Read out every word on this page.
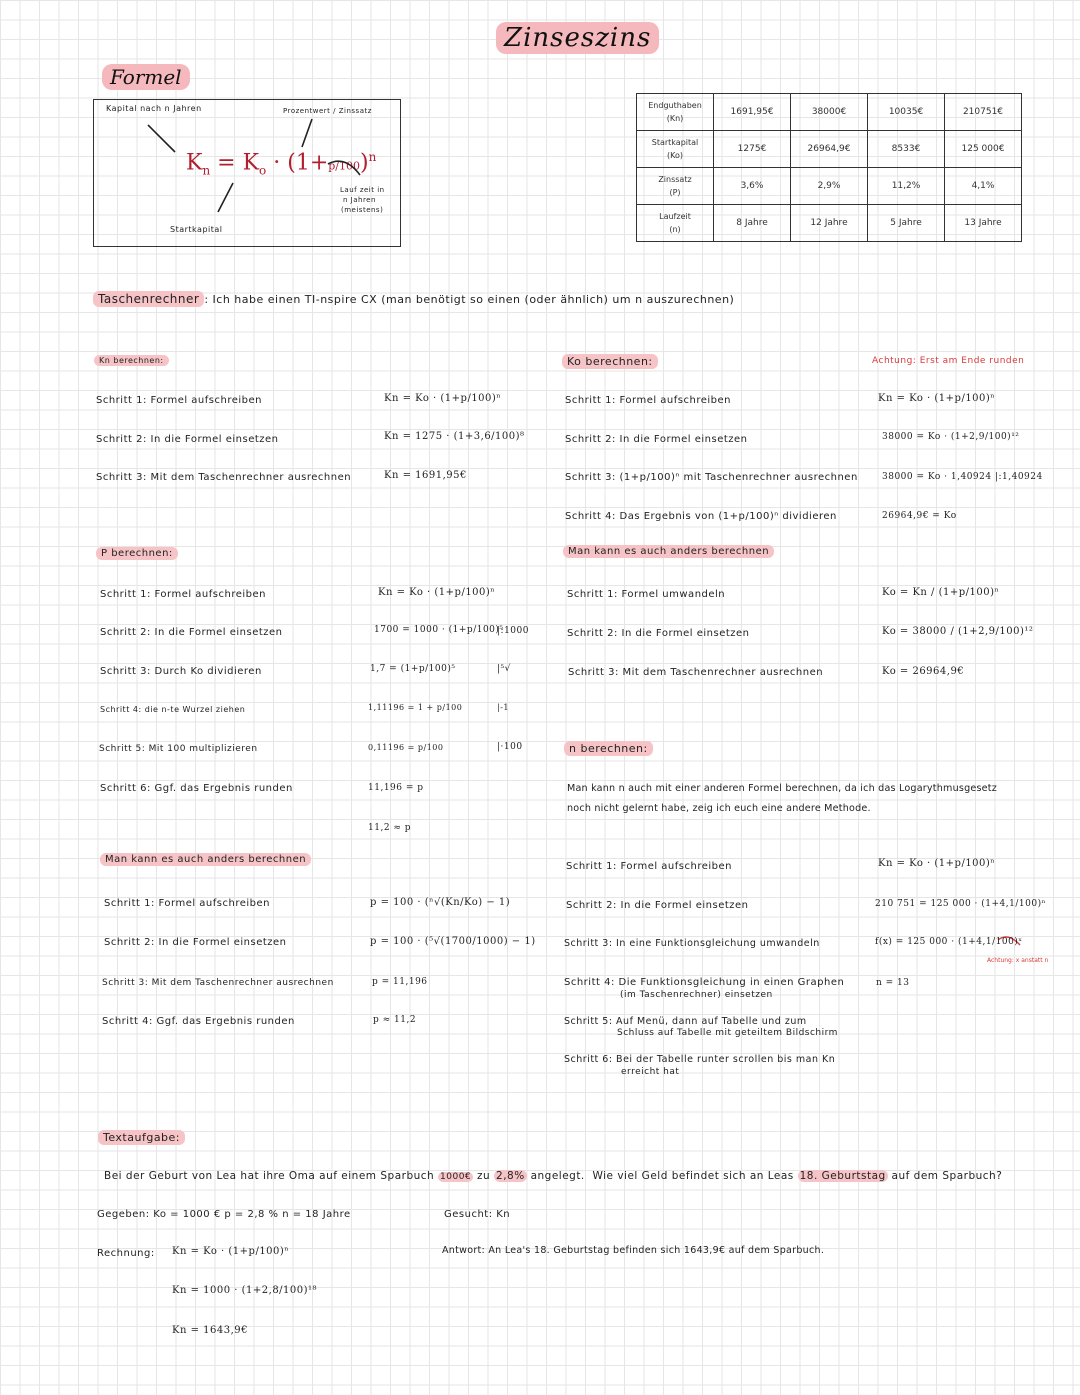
Zinseszins
Formel
Kapital nach n Jahren	Prozentwert / Zinssatz
$K_n = K_o \cdot (1+p/100)^n$
Lauf zeit in
n Jahren
(meistens)
Startkapital
Endguthaben
(Kn)	1691,95€	38000€	10035€	210751€
Startkapital
(Ko)	1275€	26964,9€	8533€	125 000€
Zinssatz
(P)	3,6%	2,9%	11,2%	4,1%
Laufzeit
(n)	8 Jahre	12 Jahre	5 Jahre	13 Jahre
Taschenrechner : Ich habe einen TI-nspire CX (man benötigt so einen (oder ähnlich) um n auszurechnen)
Kn berechnen:
Schritt 1: Formel aufschreiben	Kn = Ko · (1+p/100)ⁿ
Schritt 2: In die Formel einsetzen	Kn = 1275 · (1+3,6/100)⁸
Schritt 3: Mit dem Taschenrechner ausrechnen	Kn = 1691,95€
Ko berechnen:	Achtung: Erst am Ende runden
Schritt 1: Formel aufschreiben	Kn = Ko · (1+p/100)ⁿ
Schritt 2: In die Formel einsetzen	38000 = Ko · (1+2,9/100)¹²
Schritt 3: (1+p/100)ⁿ mit Taschenrechner ausrechnen	38000 = Ko · 1,40924 |:1,40924
Schritt 4: Das Ergebnis von (1+p/100)ⁿ dividieren	26964,9€ = Ko
Man kann es auch anders berechnen
Schritt 1: Formel umwandeln	Ko = Kn / (1+p/100)ⁿ
Schritt 2: In die Formel einsetzen	Ko = 38000 / (1+2,9/100)¹²
Schritt 3: Mit dem Taschenrechner ausrechnen	Ko = 26964,9€
P berechnen:
Schritt 1: Formel aufschreiben	Kn = Ko · (1+p/100)ⁿ
Schritt 2: In die Formel einsetzen	1700 = 1000 · (1+p/100)⁵
|:1000
Schritt 3: Durch Ko dividieren	1,7 = (1+p/100)⁵	|⁵√
Schritt 4: die n-te Wurzel ziehen	1,11196 = 1 + p/100	|-1
Schritt 5: Mit 100 multiplizieren	0,11196 = p/100	|·100
Schritt 6: Ggf. das Ergebnis runden	11,196 = p
11,2 ≈ p
Man kann es auch anders berechnen
Schritt 1: Formel aufschreiben	p = 100 · (ⁿ√(Kn/Ko) − 1)
Schritt 2: In die Formel einsetzen	p = 100 · (⁵√(1700/1000) − 1)
Schritt 3: Mit dem Taschenrechner ausrechnen	p = 11,196
Schritt 4: Ggf. das Ergebnis runden	p ≈ 11,2
n berechnen:
Man kann n auch mit einer anderen Formel berechnen, da ich das Logarythmusgesetz
noch nicht gelernt habe, zeig ich euch eine andere Methode.
Schritt 1: Formel aufschreiben	Kn = Ko · (1+p/100)ⁿ
Schritt 2: In die Formel einsetzen	210 751 = 125 000 · (1+4,1/100)ⁿ
Schritt 3: In eine Funktionsgleichung umwandeln	f(x) = 125 000 · (1+4,1/100)ˣ
Achtung: x anstatt n
Schritt 4: Die Funktionsgleichung in einen Graphen
(im Taschenrechner) einsetzen
n = 13
Schritt 5: Auf Menü, dann auf Tabelle und zum
Schluss auf Tabelle mit geteiltem Bildschirm
Schritt 6: Bei der Tabelle runter scrollen bis man Kn
erreicht hat
Textaufgabe:
Bei der Geburt von Lea hat ihre Oma auf einem Sparbuch 1000€ zu 2,8% angelegt. Wie viel Geld befindet sich an Leas 18. Geburtstag auf dem Sparbuch?
Gegeben: Ko = 1000 € p = 2,8 % n = 18 Jahre	Gesucht: Kn
Rechnung: Kn = Ko · (1+p/100)ⁿ
Kn = 1000 · (1+2,8/100)¹⁸
Kn = 1643,9€
Antwort: An Lea's 18. Geburtstag befinden sich 1643,9€ auf dem Sparbuch.
